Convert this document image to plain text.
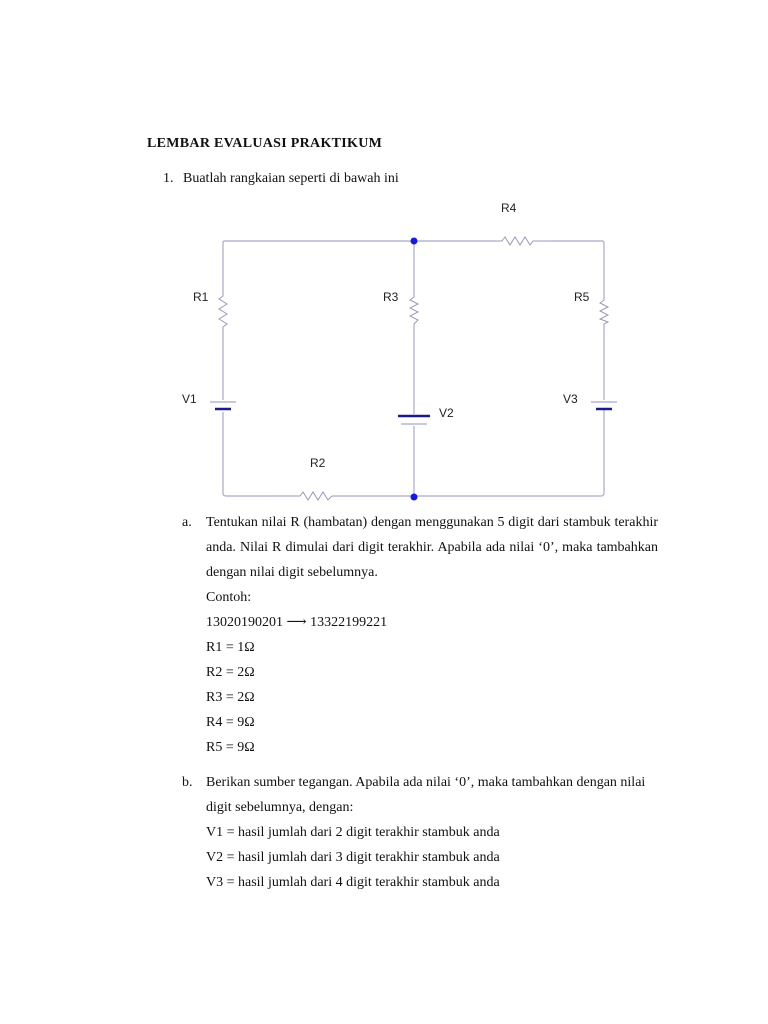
LEMBAR EVALUASI PRAKTIKUM
1. Buatlah rangkaian seperti di bawah ini
R4
R1	R3	R5
V1
V2
V3
R2
a. Tentukan nilai R (hambatan) dengan menggunakan 5 digit dari stambuk terakhir anda. Nilai R dimulai dari digit terakhir. Apabila ada nilai ‘0’, maka tambahkan dengan nilai digit sebelumnya.
Contoh:
13020190201 ⟶ 13322199221
R1 = 1Ω
R2 = 2Ω
R3 = 2Ω
R4 = 9Ω
R5 = 9Ω
b. Berikan sumber tegangan. Apabila ada nilai ‘0’, maka tambahkan dengan nilai digit sebelumnya, dengan:
V1 = hasil jumlah dari 2 digit terakhir stambuk anda
V2 = hasil jumlah dari 3 digit terakhir stambuk anda
V3 = hasil jumlah dari 4 digit terakhir stambuk anda
